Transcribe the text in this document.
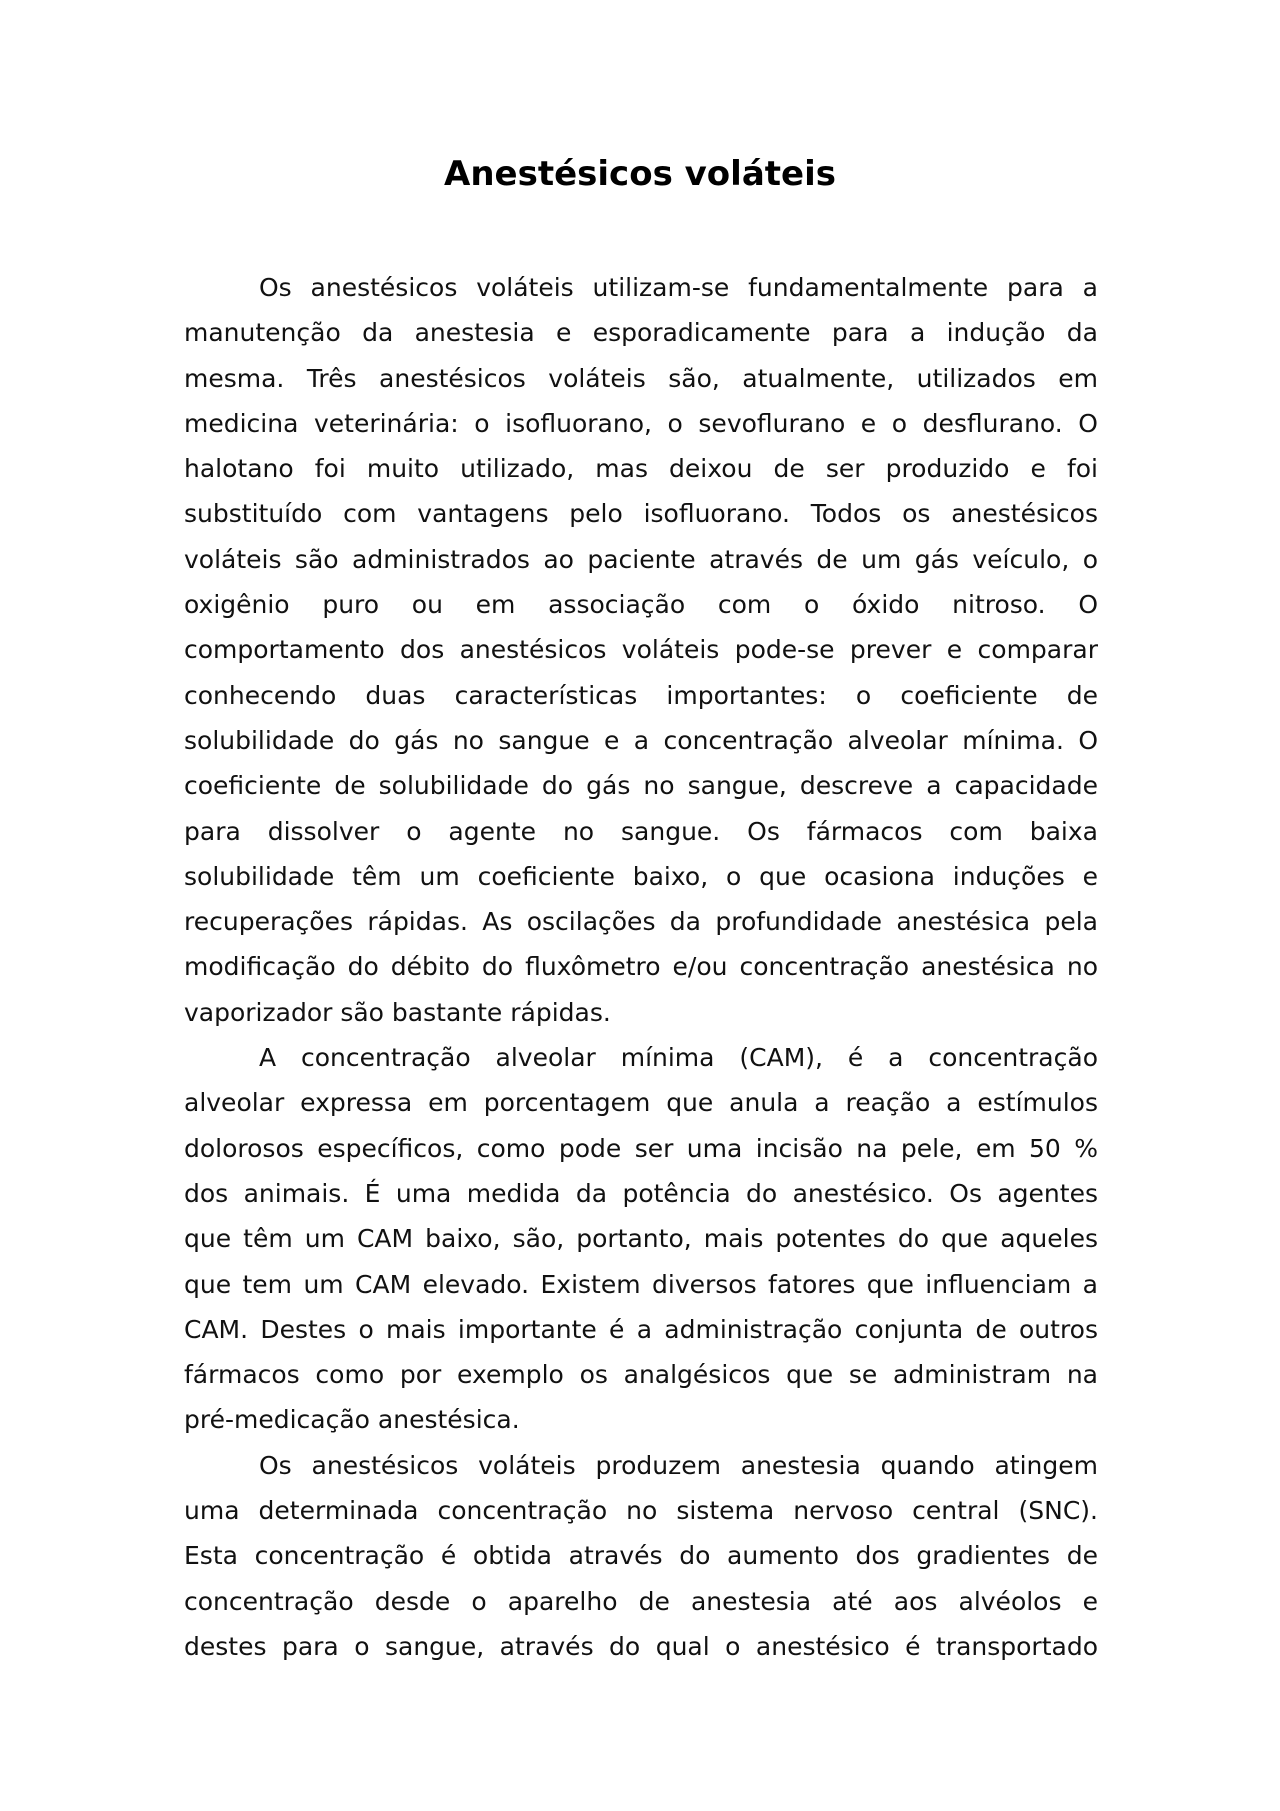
Anestésicos voláteis
Os anestésicos voláteis utilizam-se fundamentalmente para a
manutenção da anestesia e esporadicamente para a indução da
mesma. Três anestésicos voláteis são, atualmente, utilizados em
medicina veterinária: o isofluorano, o sevoflurano e o desflurano. O
halotano foi muito utilizado, mas deixou de ser produzido e foi
substituído com vantagens pelo isofluorano. Todos os anestésicos
voláteis são administrados ao paciente através de um gás veículo, o
oxigênio puro ou em associação com o óxido nitroso. O
comportamento dos anestésicos voláteis pode-se prever e comparar
conhecendo duas características importantes: o coeficiente de
solubilidade do gás no sangue e a concentração alveolar mínima. O
coeficiente de solubilidade do gás no sangue, descreve a capacidade
para dissolver o agente no sangue. Os fármacos com baixa
solubilidade têm um coeficiente baixo, o que ocasiona induções e
recuperações rápidas. As oscilações da profundidade anestésica pela
modificação do débito do fluxômetro e/ou concentração anestésica no
vaporizador são bastante rápidas.
A concentração alveolar mínima (CAM), é a concentração
alveolar expressa em porcentagem que anula a reação a estímulos
dolorosos específicos, como pode ser uma incisão na pele, em 50 %
dos animais. É uma medida da potência do anestésico. Os agentes
que têm um CAM baixo, são, portanto, mais potentes do que aqueles
que tem um CAM elevado. Existem diversos fatores que influenciam a
CAM. Destes o mais importante é a administração conjunta de outros
fármacos como por exemplo os analgésicos que se administram na
pré-medicação anestésica.
Os anestésicos voláteis produzem anestesia quando atingem
uma determinada concentração no sistema nervoso central (SNC).
Esta concentração é obtida através do aumento dos gradientes de
concentração desde o aparelho de anestesia até aos alvéolos e
destes para o sangue, através do qual o anestésico é transportado
